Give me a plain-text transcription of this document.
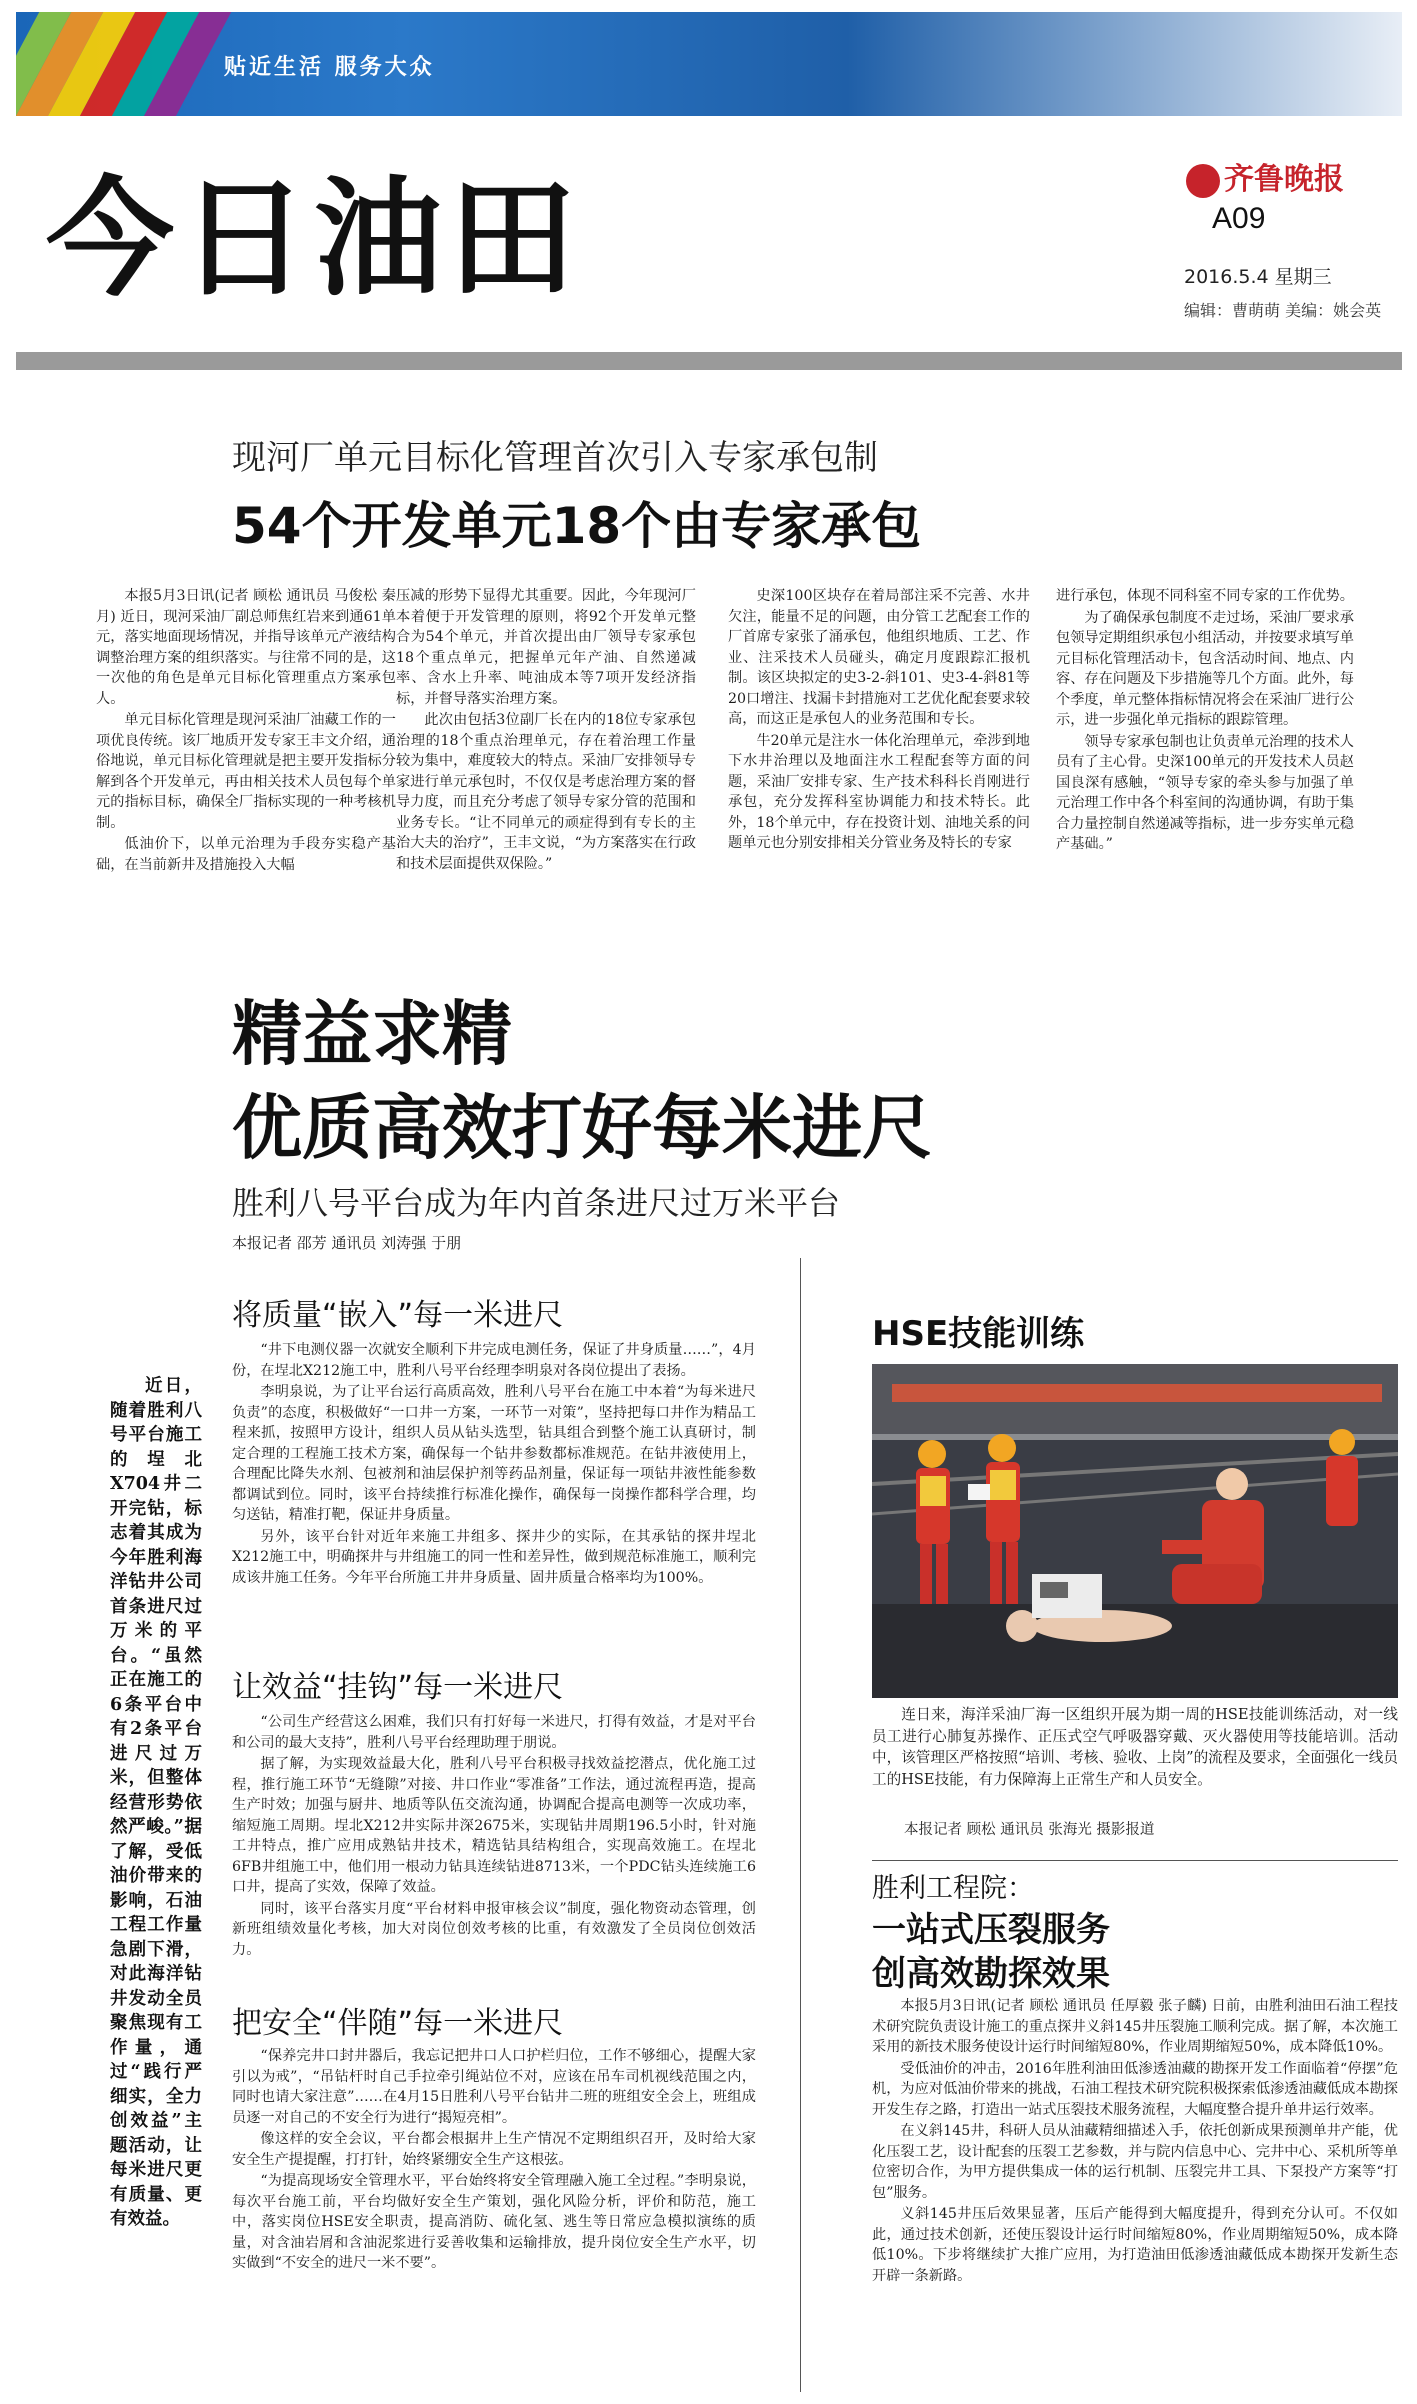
贴近生活 服务大众
今日油田	齐鲁晚报
A09
2016.5.4 星期三
编辑：曹萌萌 美编：姚会英
现河厂单元目标化管理首次引入专家承包制
54个开发单元18个由专家承包

本报5月3日讯(记者 顾松 通讯员 马俊松 秦月) 近日，现河采油厂副总师焦红岩来到通61单元，落实地面现场情况，并指导该单元产液结构调整治理方案的组织落实。与往常不同的是，这一次他的角色是单元目标化管理重点方案承包人。

单元目标化管理是现河采油厂油藏工作的一项优良传统。该厂地质开发专家王丰文介绍，通俗地说，单元目标化管理就是把主要开发指标分解到各个开发单元，再由相关技术人员包每个单元的指标目标，确保全厂指标实现的一种考核机制。

低油价下，以单元治理为手段夯实稳产基础，在当前新井及措施投入大幅

压减的形势下显得尤其重要。因此，今年现河厂本着便于开发管理的原则，将92个开发单元整合为54个单元，并首次提出由厂领导专家承包18个重点单元，把握单元年产油、自然递减率、含水上升率、吨油成本等7项开发经济指标，并督导落实治理方案。

此次由包括3位副厂长在内的18位专家承包治理的18个重点治理单元，存在着治理工作量较为集中，难度较大的特点。采油厂安排领导专家进行单元承包时，不仅仅是考虑治理方案的督导力度，而且充分考虑了领导专家分管的范围和业务专长。“让不同单元的顽症得到有专长的主治大夫的治疗”，王丰文说，“为方案落实在行政和技术层面提供双保险。”

史深100区块存在着局部注采不完善、水井欠注，能量不足的问题，由分管工艺配套工作的厂首席专家张了涌承包，他组织地质、工艺、作业、注采技术人员碰头，确定月度跟踪汇报机制。该区块拟定的史3-2-斜101、史3-4-斜81等20口增注、找漏卡封措施对工艺优化配套要求较高，而这正是承包人的业务范围和专长。

牛20单元是注水一体化治理单元，牵涉到地下水井治理以及地面注水工程配套等方面的问题，采油厂安排专家、生产技术科科长肖刚进行承包，充分发挥科室协调能力和技术特长。此外，18个单元中，存在投资计划、油地关系的问题单元也分别安排相关分管业务及特长的专家

进行承包，体现不同科室不同专家的工作优势。

为了确保承包制度不走过场，采油厂要求承包领导定期组织承包小组活动，并按要求填写单元目标化管理活动卡，包含活动时间、地点、内容、存在问题及下步措施等几个方面。此外，每个季度，单元整体指标情况将会在采油厂进行公示，进一步强化单元指标的跟踪管理。

领导专家承包制也让负责单元治理的技术人员有了主心骨。史深100单元的开发技术人员赵国良深有感触，“领导专家的牵头参与加强了单元治理工作中各个科室间的沟通协调，有助于集合力量控制自然递减等指标，进一步夯实单元稳产基础。”

精益求精
优质高效打好每米进尺
胜利八号平台成为年内首条进尺过万米平台
本报记者 邵芳 通讯员 刘涛强 于朋

近日，随着胜利八号平台施工的埕北X704井二开完钻，标志着其成为今年胜利海洋钻井公司首条进尺过万米的平台。“虽然正在施工的6条平台中有2条平台进尺过万米，但整体经营形势依然严峻。”据了解，受低油价带来的影响，石油工程工作量急剧下滑，对此海洋钻井发动全员聚焦现有工作量，通过“践行严细实，全力创效益”主题活动，让每米进尺更有质量、更有效益。

将质量“嵌入”每一米进尺

“井下电测仪器一次就安全顺利下井完成电测任务，保证了井身质量……”，4月份，在埕北X212施工中，胜利八号平台经理李明泉对各岗位提出了表扬。

李明泉说，为了让平台运行高质高效，胜利八号平台在施工中本着“为每米进尺负责”的态度，积极做好“一口井一方案，一环节一对策”，坚持把每口井作为精品工程来抓，按照甲方设计，组织人员从钻头选型，钻具组合到整个施工认真研讨，制定合理的工程施工技术方案，确保每一个钻井参数都标准规范。在钻井液使用上，合理配比降失水剂、包被剂和油层保护剂等药品剂量，保证每一项钻井液性能参数都调试到位。同时，该平台持续推行标准化操作，确保每一岗操作都科学合理，均匀送钻，精准打靶，保证井身质量。

另外，该平台针对近年来施工井组多、探井少的实际，在其承钻的探井埕北X212施工中，明确探井与井组施工的同一性和差异性，做到规范标准施工，顺利完成该井施工任务。今年平台所施工井井身质量、固井质量合格率均为100%。

让效益“挂钩”每一米进尺

“公司生产经营这么困难，我们只有打好每一米进尺，打得有效益，才是对平台和公司的最大支持”，胜利八号平台经理助理于朋说。

据了解，为实现效益最大化，胜利八号平台积极寻找效益挖潜点，优化施工过程，推行施工环节“无缝隙”对接、井口作业“零准备”工作法，通过流程再造，提高生产时效；加强与厨井、地质等队伍交流沟通，协调配合提高电测等一次成功率，缩短施工周期。埕北X212井实际井深2675米，实现钻井周期196.5小时，针对施工井特点，推广应用成熟钻井技术，精选钻具结构组合，实现高效施工。在埕北6FB井组施工中，他们用一根动力钻具连续钻进8713米，一个PDC钻头连续施工6口井，提高了实效，保障了效益。

同时，该平台落实月度“平台材料申报审核会议”制度，强化物资动态管理，创新班组绩效量化考核，加大对岗位创效考核的比重，有效激发了全员岗位创效活力。

把安全“伴随”每一米进尺

“保养完井口封井器后，我忘记把井口人口护栏归位，工作不够细心，提醒大家引以为戒”，“吊钻杆时自己手拉牵引绳站位不对，应该在吊车司机视线范围之内，同时也请大家注意”……在4月15日胜利八号平台钻井二班的班组安全会上，班组成员逐一对自己的不安全行为进行“揭短亮相”。

像这样的安全会议，平台都会根据井上生产情况不定期组织召开，及时给大家安全生产提提醒，打打针，始终紧绷安全生产这根弦。

“为提高现场安全管理水平，平台始终将安全管理融入施工全过程。”李明泉说，每次平台施工前，平台均做好安全生产策划，强化风险分析，评价和防范，施工中，落实岗位HSE安全职责，提高消防、硫化氢、逃生等日常应急模拟演练的质量，对含油岩屑和含油泥浆进行妥善收集和运输排放，提升岗位安全生产水平，切实做到“不安全的进尺一米不要”。

HSE技能训练

连日来，海洋采油厂海一区组织开展为期一周的HSE技能训练活动，对一线员工进行心肺复苏操作、正压式空气呼吸器穿戴、灭火器使用等技能培训。活动中，该管理区严格按照“培训、考核、验收、上岗”的流程及要求，全面强化一线员工的HSE技能，有力保障海上正常生产和人员安全。

本报记者 顾松 通讯员 张海光 摄影报道
胜利工程院：
一站式压裂服务
创高效勘探效果

本报5月3日讯(记者 顾松 通讯员 任厚毅 张子麟) 日前，由胜利油田石油工程技术研究院负责设计施工的重点探井义斜145井压裂施工顺利完成。据了解，本次施工采用的新技术服务使设计运行时间缩短80%，作业周期缩短50%，成本降低10%。

受低油价的冲击，2016年胜利油田低渗透油藏的勘探开发工作面临着“停摆”危机，为应对低油价带来的挑战，石油工程技术研究院积极探索低渗透油藏低成本勘探开发生存之路，打造出一站式压裂技术服务流程，大幅度整合提升单井运行效率。

在义斜145井，科研人员从油藏精细描述入手，依托创新成果预测单井产能，优化压裂工艺，设计配套的压裂工艺参数，并与院内信息中心、完井中心、采机所等单位密切合作，为甲方提供集成一体的运行机制、压裂完井工具、下泵投产方案等“打包”服务。

义斜145井压后效果显著，压后产能得到大幅度提升，得到充分认可。不仅如此，通过技术创新，还使压裂设计运行时间缩短80%，作业周期缩短50%，成本降低10%。下步将继续扩大推广应用，为打造油田低渗透油藏低成本勘探开发新生态开辟一条新路。
